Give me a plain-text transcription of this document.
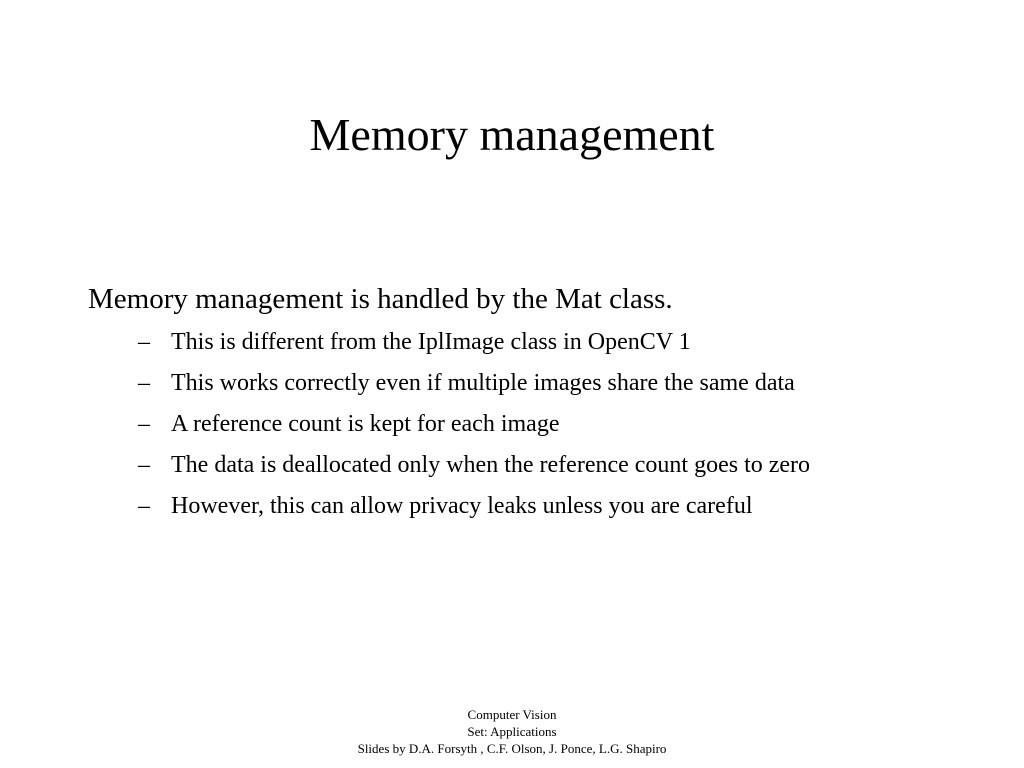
Memory management
Memory management is handled by the Mat class.
– This is different from the IplImage class in OpenCV 1
– This works correctly even if multiple images share the same data
– A reference count is kept for each image
– The data is deallocated only when the reference count goes to zero
– However, this can allow privacy leaks unless you are careful
Computer Vision
Set: Applications
Slides by D.A. Forsyth , C.F. Olson, J. Ponce, L.G. Shapiro
